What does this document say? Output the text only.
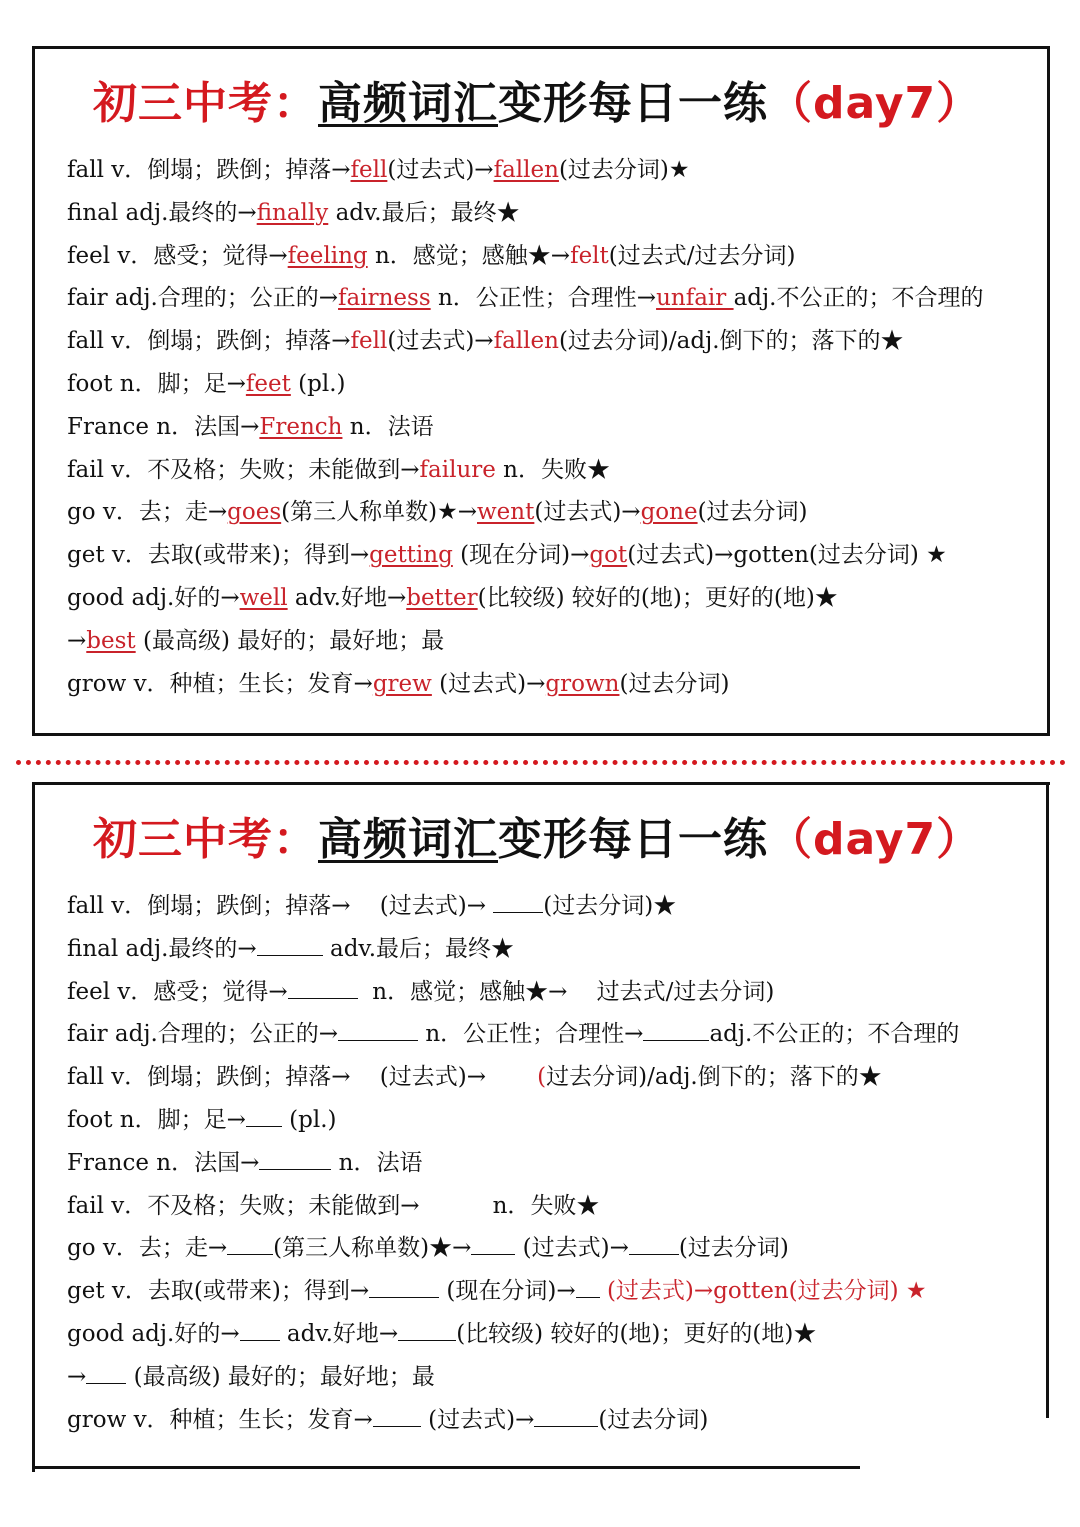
初三中考：高频词汇变形每日一练（day7）
fall v．倒塌；跌倒；掉落→fell(过去式)→fallen(过去分词)★
final adj.最终的→finally adv.最后；最终★
feel v．感受；觉得→feeling n．感觉；感触★→felt(过去式/过去分词)
fair adj.合理的；公正的→fairness n．公正性；合理性→unfair adj.不公正的；不合理的
fall v．倒塌；跌倒；掉落→fell(过去式)→fallen(过去分词)/adj.倒下的；落下的★
foot n．脚；足→feet (pl.)
France n．法国→French n．法语
fail v．不及格；失败；未能做到→failure n．失败★
go v．去；走→goes(第三人称单数)★→went(过去式)→gone(过去分词)
get v．去取(或带来)；得到→getting (现在分词)→got(过去式)→gotten(过去分词) ★
good adj.好的→well adv.好地→better(比较级) 较好的(地)；更好的(地)★
→best (最高级) 最好的；最好地；最
grow v．种植；生长；发育→grew (过去式)→grown(过去分词)
初三中考：高频词汇变形每日一练（day7）
fall v．倒塌；跌倒；掉落→    (过去式)→ (过去分词)★
final adj.最终的→	adv.最后；最终★
feel v．感受；觉得→	n．感觉；感触★→    过去式/过去分词)
fair adj.合理的；公正的→	n．公正性；合理性→	adj.不公正的；不合理的
fall v．倒塌；跌倒；掉落→    (过去式)→       (过去分词)/adj.倒下的；落下的★
foot n．脚；足→ (pl.)
France n．法国→	n．法语
fail v．不及格；失败；未能做到→          n．失败★
go v．去；走→ (第三人称单数)★→ (过去式)→ (过去分词)
get v．去取(或带来)；得到→	(现在分词)→ (过去式)→gotten(过去分词) ★
good adj.好的→ adv.好地→	(比较级) 较好的(地)；更好的(地)★
→ (最高级) 最好的；最好地；最
grow v．种植；生长；发育→ (过去式)→	(过去分词)
